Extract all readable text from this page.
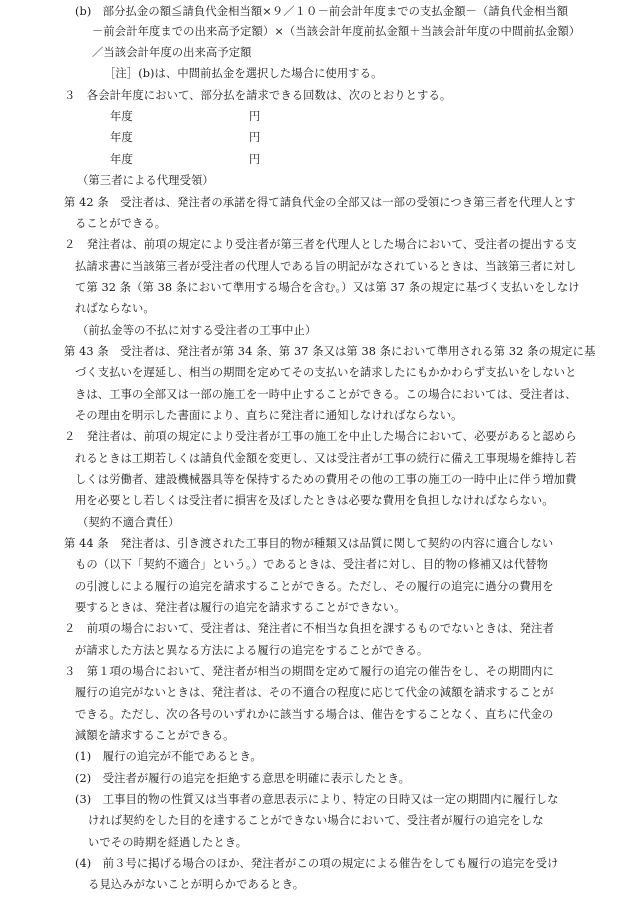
(b)　部分払金の額≦請負代金相当額×９／１０－前会計年度までの支払金額－（請負代金相当額
－前会計年度までの出来高予定額）×（当該会計年度前払金額＋当該会計年度の中間前払金額）
／当該会計年度の出来高予定額
［注］(b)は、中間前払金を選択した場合に使用する。
３　各会計年度において、部分払を請求できる回数は、次のとおりとする。
年度	円
年度	円
年度	円
（第三者による代理受領）
第 42 条　受注者は、発注者の承諾を得て請負代金の全部又は一部の受領につき第三者を代理人とす
ることができる。
２　発注者は、前項の規定により受注者が第三者を代理人とした場合において、受注者の提出する支
払請求書に当該第三者が受注者の代理人である旨の明記がなされているときは、当該第三者に対し
て第 32 条（第 38 条において準用する場合を含む。）又は第 37 条の規定に基づく支払いをしなけ
ればならない。
（前払金等の不払に対する受注者の工事中止）
第 43 条　受注者は、発注者が第 34 条、第 37 条又は第 38 条において準用される第 32 条の規定に基
づく支払いを遅延し、相当の期間を定めてその支払いを請求したにもかかわらず支払いをしないと
きは、工事の全部又は一部の施工を一時中止することができる。この場合においては、受注者は、
その理由を明示した書面により、直ちに発注者に通知しなければならない。
２　発注者は、前項の規定により受注者が工事の施工を中止した場合において、必要があると認めら
れるときは工期若しくは請負代金額を変更し、又は受注者が工事の続行に備え工事現場を維持し若
しくは労働者、建設機械器具等を保持するための費用その他の工事の施工の一時中止に伴う増加費
用を必要とし若しくは受注者に損害を及ぼしたときは必要な費用を負担しなければならない。
（契約不適合責任）
第 44 条　発注者は、引き渡された工事目的物が種類又は品質に関して契約の内容に適合しない
もの（以下「契約不適合」という。）であるときは、受注者に対し、目的物の修補又は代替物
の引渡しによる履行の追完を請求することができる。ただし、その履行の追完に過分の費用を
要するときは、発注者は履行の追完を請求することができない。
２　前項の場合において、受注者は、発注者に不相当な負担を課するものでないときは、発注者
が請求した方法と異なる方法による履行の追完をすることができる。
３　第１項の場合において、発注者が相当の期間を定めて履行の追完の催告をし、その期間内に
履行の追完がないときは、発注者は、その不適合の程度に応じて代金の減額を請求することが
できる。ただし、次の各号のいずれかに該当する場合は、催告をすることなく、直ちに代金の
減額を請求することができる。
(1)　履行の追完が不能であるとき。
(2)　受注者が履行の追完を拒絶する意思を明確に表示したとき。
(3)　工事目的物の性質又は当事者の意思表示により、特定の日時又は一定の期間内に履行しな
ければ契約をした目的を達することができない場合において、受注者が履行の追完をしな
いでその時期を経過したとき。
(4)　前３号に掲げる場合のほか、発注者がこの項の規定による催告をしても履行の追完を受け
る見込みがないことが明らかであるとき。
